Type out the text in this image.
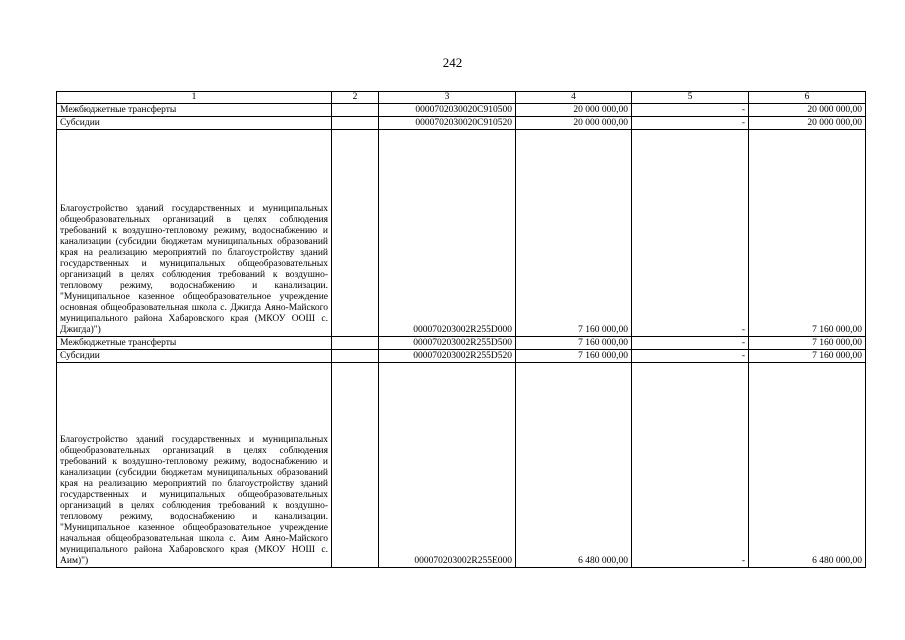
242
1	2	3	4	5	6
Межбюджетные трансферты		0000702030020С910500	20 000 000,00	-	20 000 000,00
Субсидии		0000702030020С910520	20 000 000,00	-	20 000 000,00
Благоустройство зданий государственных и муниципальных общеобразовательных организаций в целях соблюдения требований к воздушно-тепловому режиму, водоснабжению и канализации (субсидии бюджетам муниципальных образований края на реализацию мероприятий по благоустройству зданий государственных и муниципальных общеобразовательных организаций в целях соблюдения требований к воздушно-тепловому режиму, водоснабжению и канализации. "Муниципальное казенное общеобразовательное учреждение основная общеобразовательная школа с. Джигда Аяно-Майского муниципального района Хабаровского края (МКОУ ООШ с. Джигда)")		000070203002R255D000	7 160 000,00	-	7 160 000,00
Межбюджетные трансферты		000070203002R255D500	7 160 000,00	-	7 160 000,00
Субсидии		000070203002R255D520	7 160 000,00	-	7 160 000,00
Благоустройство зданий государственных и муниципальных общеобразовательных организаций в целях соблюдения требований к воздушно-тепловому режиму, водоснабжению и канализации (субсидии бюджетам муниципальных образований края на реализацию мероприятий по благоустройству зданий государственных и муниципальных общеобразовательных организаций в целях соблюдения требований к воздушно-тепловому режиму, водоснабжению и канализации. "Муниципальное казенное общеобразовательное учреждение начальная общеобразовательная школа с. Аим Аяно-Майского муниципального района Хабаровского края (МКОУ НОШ с. Аим)")		000070203002R255E000	6 480 000,00	-	6 480 000,00
